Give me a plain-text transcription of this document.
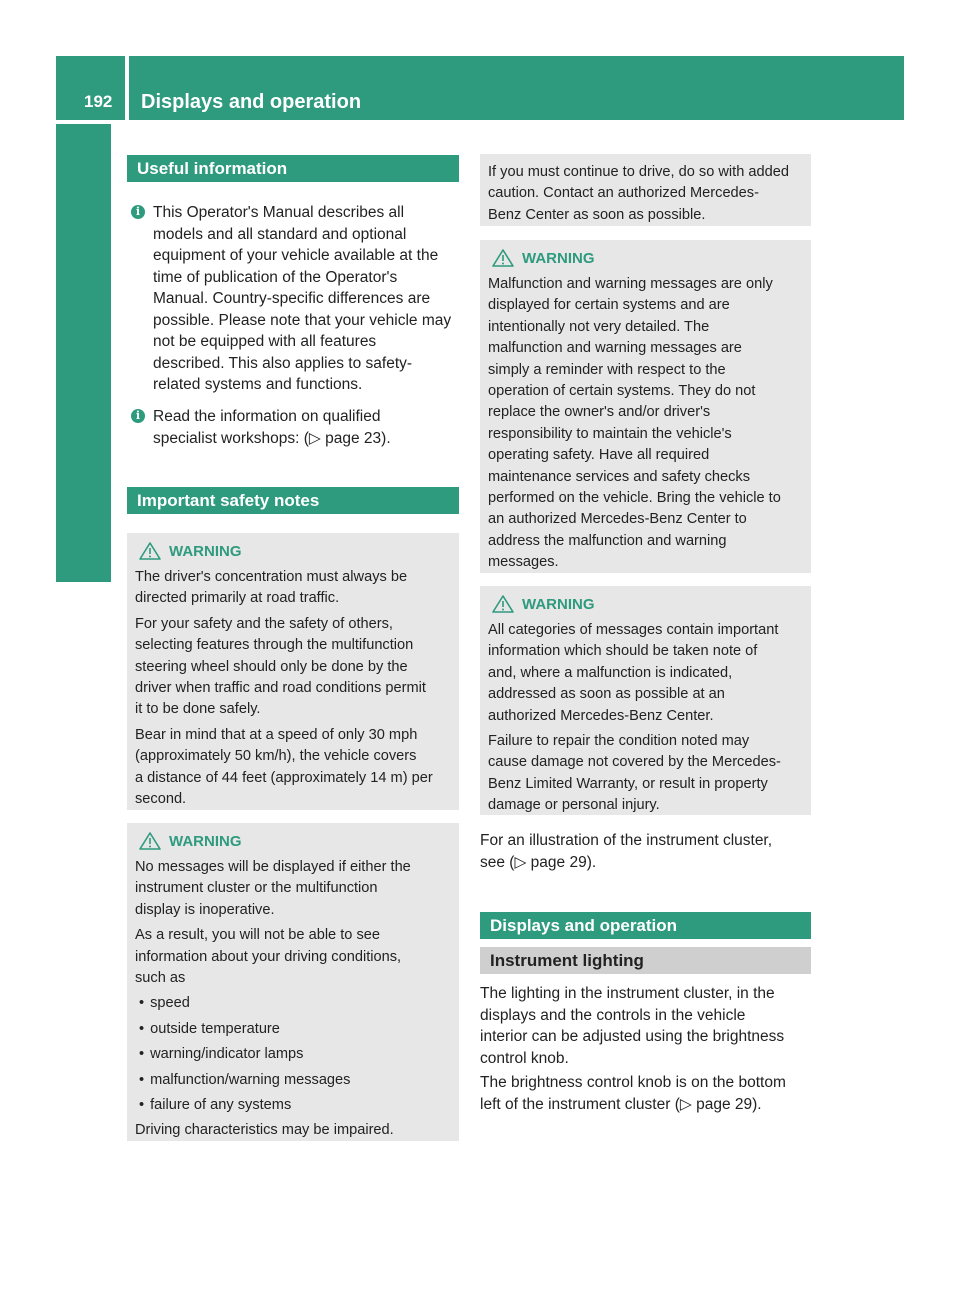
192 Displays and operation
On-board computer and displays
Useful information
i This Operator's Manual describes all
models and all standard and optional
equipment of your vehicle available at the
time of publication of the Operator's
Manual. Country-specific differences are
possible. Please note that your vehicle may
not be equipped with all features
described. This also applies to safety-
related systems and functions.
i Read the information on qualified
specialist workshops: (▷ page 23).
Important safety notes
WARNING
The driver's concentration must always be
directed primarily at road traffic.
For your safety and the safety of others,
selecting features through the multifunction
steering wheel should only be done by the
driver when traffic and road conditions permit
it to be done safely.
Bear in mind that at a speed of only 30 mph
(approximately 50 km/h), the vehicle covers
a distance of 44 feet (approximately 14 m) per
second.
WARNING
No messages will be displayed if either the
instrument cluster or the multifunction
display is inoperative.
As a result, you will not be able to see
information about your driving conditions,
such as
• speed
• outside temperature
• warning/indicator lamps
• malfunction/warning messages
• failure of any systems
Driving characteristics may be impaired.
If you must continue to drive, do so with added
caution. Contact an authorized Mercedes-
Benz Center as soon as possible.
WARNING
Malfunction and warning messages are only
displayed for certain systems and are
intentionally not very detailed. The
malfunction and warning messages are
simply a reminder with respect to the
operation of certain systems. They do not
replace the owner's and/or driver's
responsibility to maintain the vehicle's
operating safety. Have all required
maintenance services and safety checks
performed on the vehicle. Bring the vehicle to
an authorized Mercedes-Benz Center to
address the malfunction and warning
messages.
WARNING
All categories of messages contain important
information which should be taken note of
and, where a malfunction is indicated,
addressed as soon as possible at an
authorized Mercedes-Benz Center.
Failure to repair the condition noted may
cause damage not covered by the Mercedes-
Benz Limited Warranty, or result in property
damage or personal injury.
For an illustration of the instrument cluster,
see (▷ page 29).
Displays and operation
Instrument lighting
The lighting in the instrument cluster, in the
displays and the controls in the vehicle
interior can be adjusted using the brightness
control knob.
The brightness control knob is on the bottom
left of the instrument cluster (▷ page 29).
